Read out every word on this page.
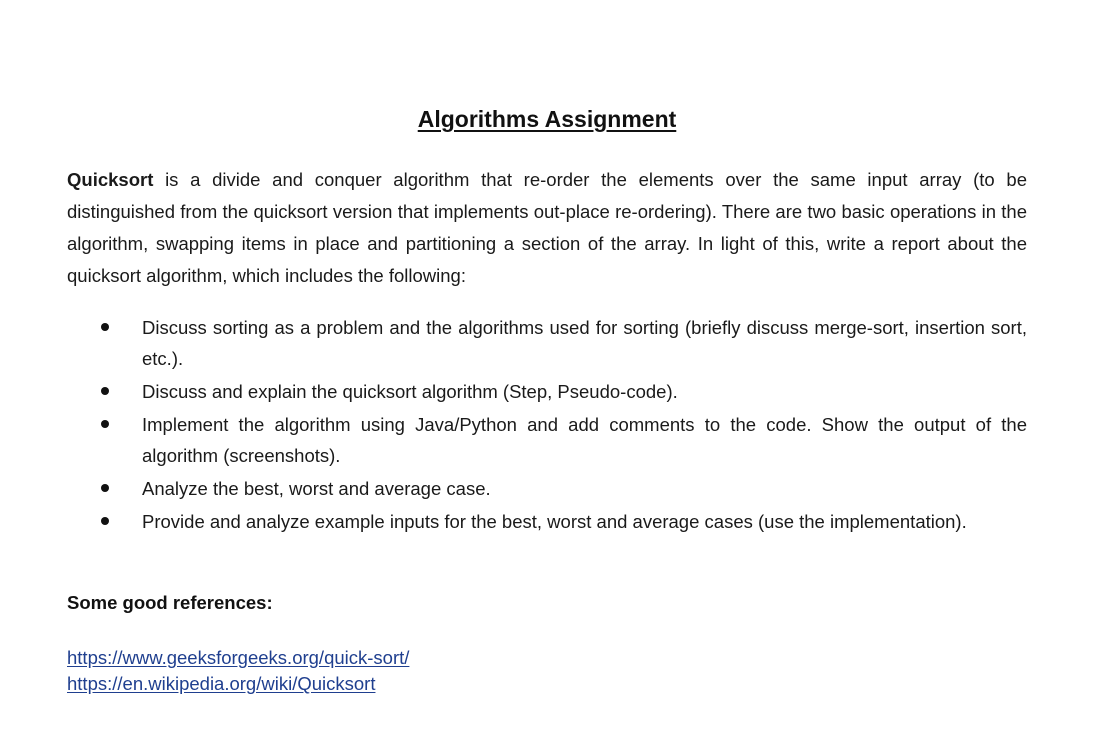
Algorithms Assignment

Quicksort is a divide and conquer algorithm that re-order the elements over the same input array (to be distinguished from the quicksort version that implements out-place re-ordering). There are two basic operations in the algorithm, swapping items in place and partitioning a section of the array. In light of this, write a report about the quicksort algorithm, which includes the following:

Discuss sorting as a problem and the algorithms used for sorting (briefly discuss merge-sort, insertion sort, etc.).
Discuss and explain the quicksort algorithm (Step, Pseudo-code).
Implement the algorithm using Java/Python and add comments to the code. Show the output of the algorithm (screenshots).
Analyze the best, worst and average case.
Provide and analyze example inputs for the best, worst and average cases (use the implementation).

Some good references:

https://www.geeksforgeeks.org/quick-sort/
https://en.wikipedia.org/wiki/Quicksort
